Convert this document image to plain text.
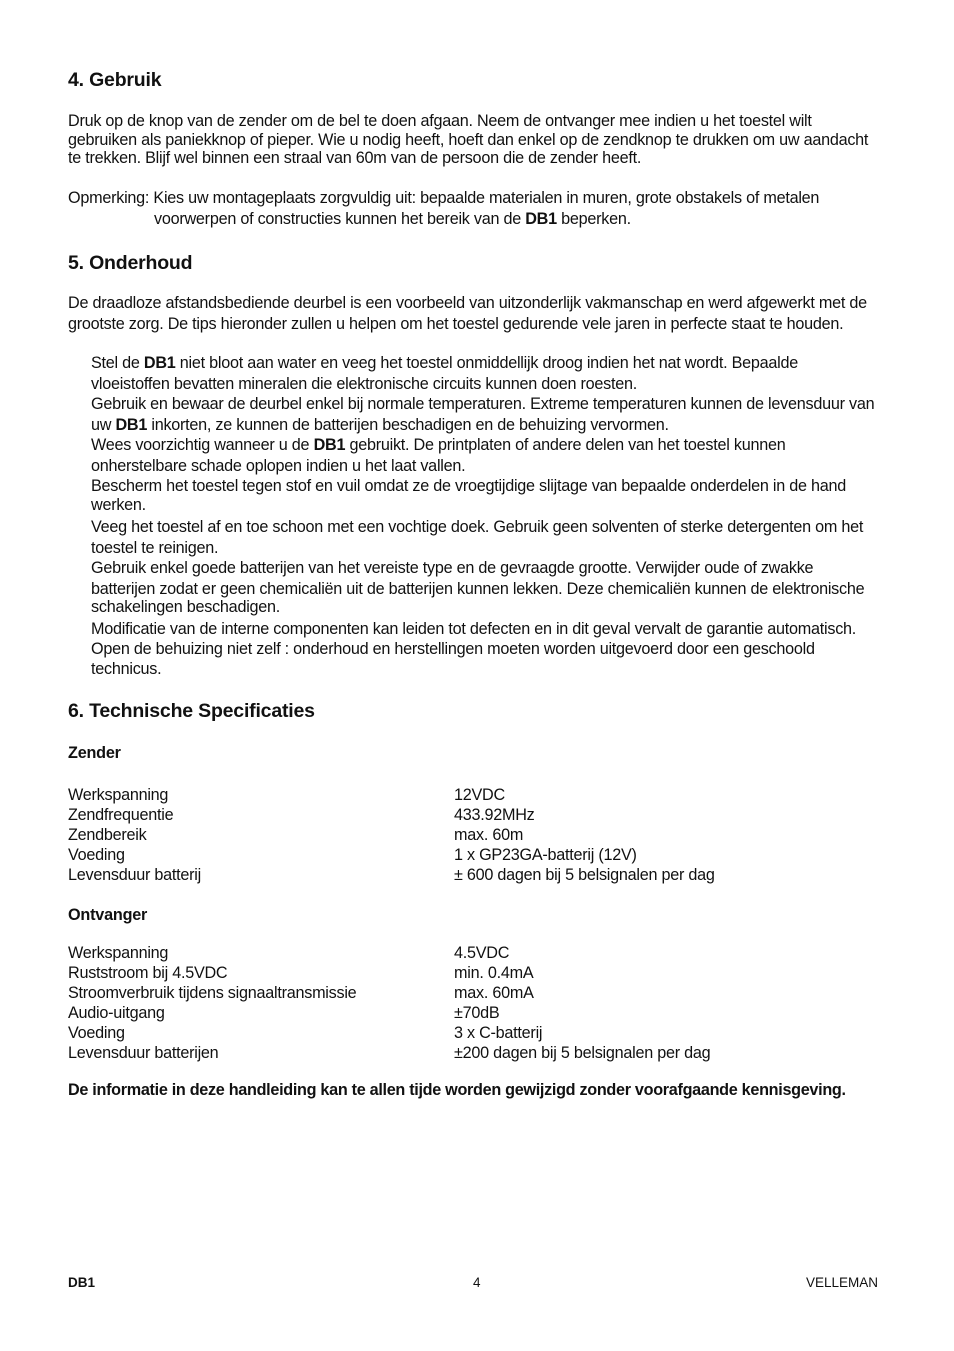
4. Gebruik
Druk op de knop van de zender om de bel te doen afgaan. Neem de ontvanger mee indien u het toestel wilt
gebruiken als paniekknop of pieper. Wie u nodig heeft, hoeft dan enkel op de zendknop te drukken om uw aandacht
te trekken. Blijf wel binnen een straal van 60m van de persoon die de zender heeft.
Opmerking: Kies uw montageplaats zorgvuldig uit: bepaalde materialen in muren, grote obstakels of metalen
voorwerpen of constructies kunnen het bereik van de DB1 beperken.
5. Onderhoud
De draadloze afstandsbediende deurbel is een voorbeeld van uitzonderlijk vakmanschap en werd afgewerkt met de
grootste zorg. De tips hieronder zullen u helpen om het toestel gedurende vele jaren in perfecte staat te houden.
Stel de DB1 niet bloot aan water en veeg het toestel onmiddellijk droog indien het nat wordt. Bepaalde
vloeistoffen bevatten mineralen die elektronische circuits kunnen doen roesten.
Gebruik en bewaar de deurbel enkel bij normale temperaturen. Extreme temperaturen kunnen de levensduur van
uw DB1 inkorten, ze kunnen de batterijen beschadigen en de behuizing vervormen.
Wees voorzichtig wanneer u de DB1 gebruikt. De printplaten of andere delen van het toestel kunnen
onherstelbare schade oplopen indien u het laat vallen.
Bescherm het toestel tegen stof en vuil omdat ze de vroegtijdige slijtage van bepaalde onderdelen in de hand
werken.
Veeg het toestel af en toe schoon met een vochtige doek. Gebruik geen solventen of sterke detergenten om het
toestel te reinigen.
Gebruik enkel goede batterijen van het vereiste type en de gevraagde grootte. Verwijder oude of zwakke
batterijen zodat er geen chemicaliën uit de batterijen kunnen lekken. Deze chemicaliën kunnen de elektronische
schakelingen beschadigen.
Modificatie van de interne componenten kan leiden tot defecten en in dit geval vervalt de garantie automatisch.
Open de behuizing niet zelf : onderhoud en herstellingen moeten worden uitgevoerd door een geschoold
technicus.
6. Technische Specificaties
Zender
Werkspanning	12VDC
Zendfrequentie	433.92MHz
Zendbereik	max. 60m
Voeding	1 x GP23GA-batterij (12V)
Levensduur batterij	± 600 dagen bij 5 belsignalen per dag
Ontvanger
Werkspanning	4.5VDC
Ruststroom bij 4.5VDC	min. 0.4mA
Stroomverbruik tijdens signaaltransmissie	max. 60mA
Audio-uitgang	±70dB
Voeding	3 x C-batterij
Levensduur batterijen	±200 dagen bij 5 belsignalen per dag
De informatie in deze handleiding kan te allen tijde worden gewijzigd zonder voorafgaande kennisgeving.
DB1	4	VELLEMAN
